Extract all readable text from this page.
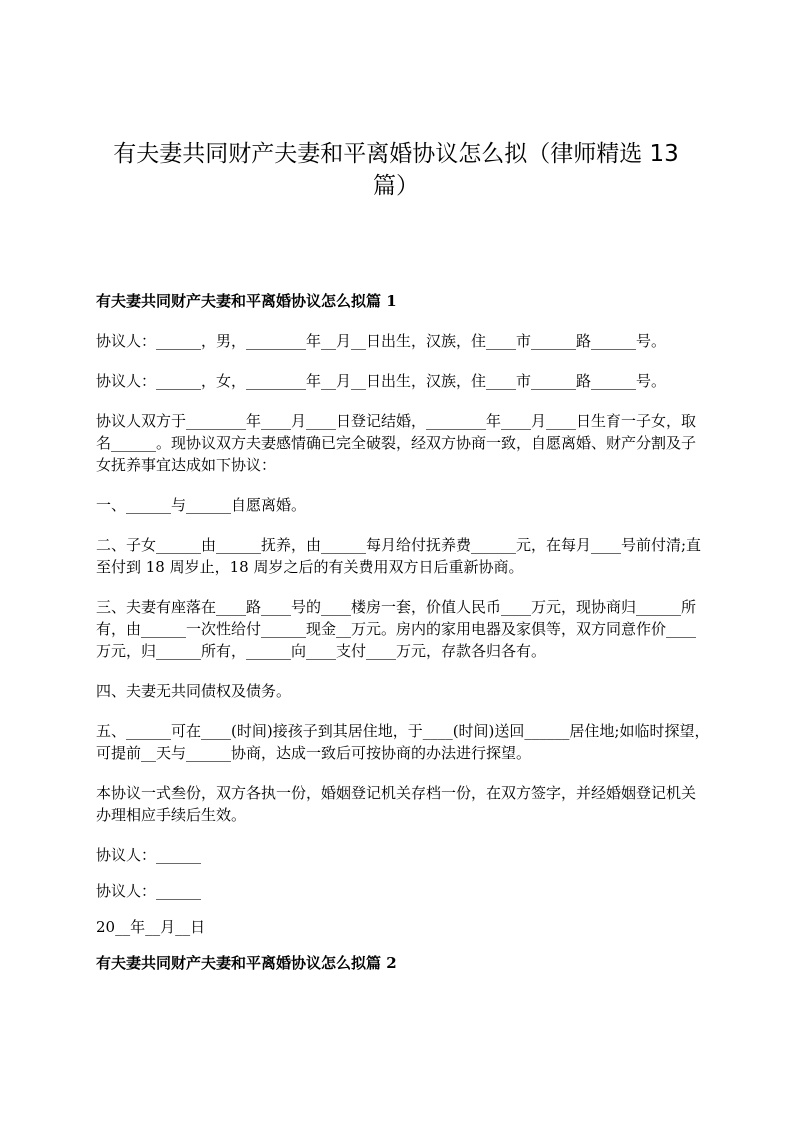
有夫妻共同财产夫妻和平离婚协议怎么拟（律师精选 13 篇）
有夫妻共同财产夫妻和平离婚协议怎么拟篇 1

协议人：______，男，________年__月__日出生，汉族，住____市______路______号。

协议人：______，女，________年__月__日出生，汉族，住____市______路______号。

协议人双方于________年____月____日登记结婚，________年____月____日生育一子女，取名______。现协议双方夫妻感情确已完全破裂，经双方协商一致，自愿离婚、财产分割及子女抚养事宜达成如下协议：

一、______与______自愿离婚。

二、子女______由______抚养，由______每月给付抚养费______元，在每月____号前付清;直至付到 18 周岁止，18 周岁之后的有关费用双方日后重新协商。

三、夫妻有座落在____路____号的____楼房一套，价值人民币____万元，现协商归______所有，由______一次性给付______现金__万元。房内的家用电器及家俱等，双方同意作价____万元，归______所有，______向____支付____万元，存款各归各有。

四、夫妻无共同债权及债务。

五、______可在____(时间)接孩子到其居住地，于____(时间)送回______居住地;如临时探望，可提前__天与______协商，达成一致后可按协商的办法进行探望。

本协议一式叁份，双方各执一份，婚姻登记机关存档一份，在双方签字，并经婚姻登记机关办理相应手续后生效。

协议人：______

协议人：______

20__年__月__日

有夫妻共同财产夫妻和平离婚协议怎么拟篇 2
